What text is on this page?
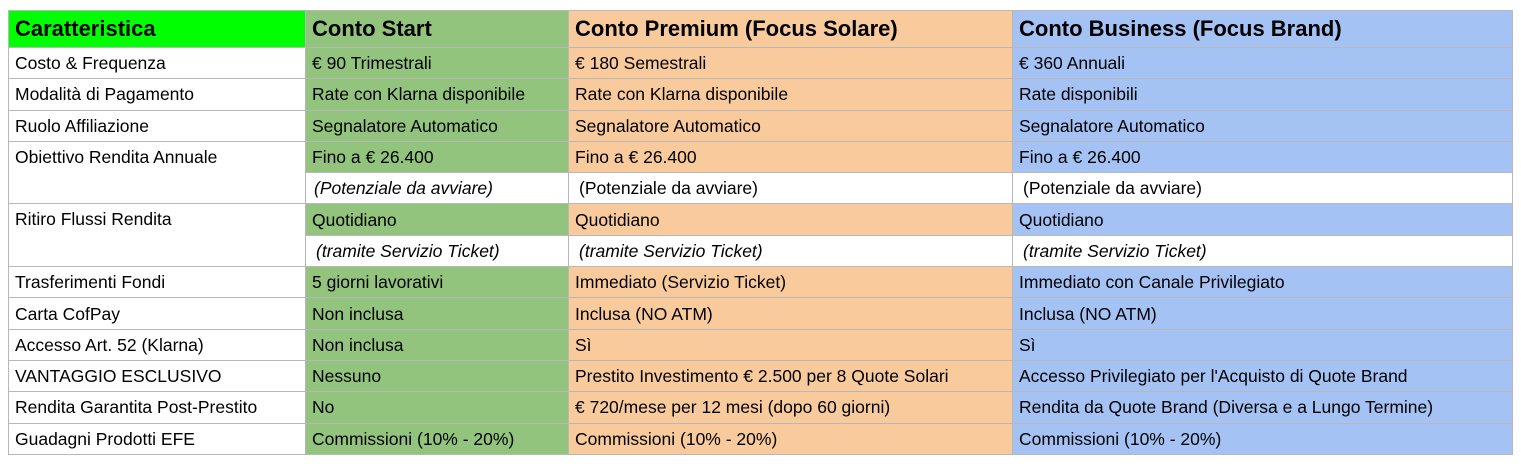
Caratteristica	Conto Start	Conto Premium (Focus Solare)	Conto Business (Focus Brand)
Costo & Frequenza	€ 90 Trimestrali	€ 180 Semestrali	€ 360 Annuali
Modalità di Pagamento	Rate con Klarna disponibile	Rate con Klarna disponibile	Rate disponibili
Ruolo Affiliazione	Segnalatore Automatico	Segnalatore Automatico	Segnalatore Automatico
Obiettivo Rendita Annuale	Fino a € 26.400	Fino a € 26.400	Fino a € 26.400
	(Potenziale da avviare)	(Potenziale da avviare)	(Potenziale da avviare)
Ritiro Flussi Rendita	Quotidiano	Quotidiano	Quotidiano
	(tramite Servizio Ticket)	(tramite Servizio Ticket)	(tramite Servizio Ticket)
Trasferimenti Fondi	5 giorni lavorativi	Immediato (Servizio Ticket)	Immediato con Canale Privilegiato
Carta CofPay	Non inclusa	Inclusa (NO ATM)	Inclusa (NO ATM)
Accesso Art. 52 (Klarna)	Non inclusa	Sì	Sì
VANTAGGIO ESCLUSIVO	Nessuno	Prestito Investimento € 2.500 per 8 Quote Solari	Accesso Privilegiato per l'Acquisto di Quote Brand
Rendita Garantita Post-Prestito	No	€ 720/mese per 12 mesi (dopo 60 giorni)	Rendita da Quote Brand (Diversa e a Lungo Termine)
Guadagni Prodotti EFE	Commissioni (10% - 20%)	Commissioni (10% - 20%)	Commissioni (10% - 20%)
